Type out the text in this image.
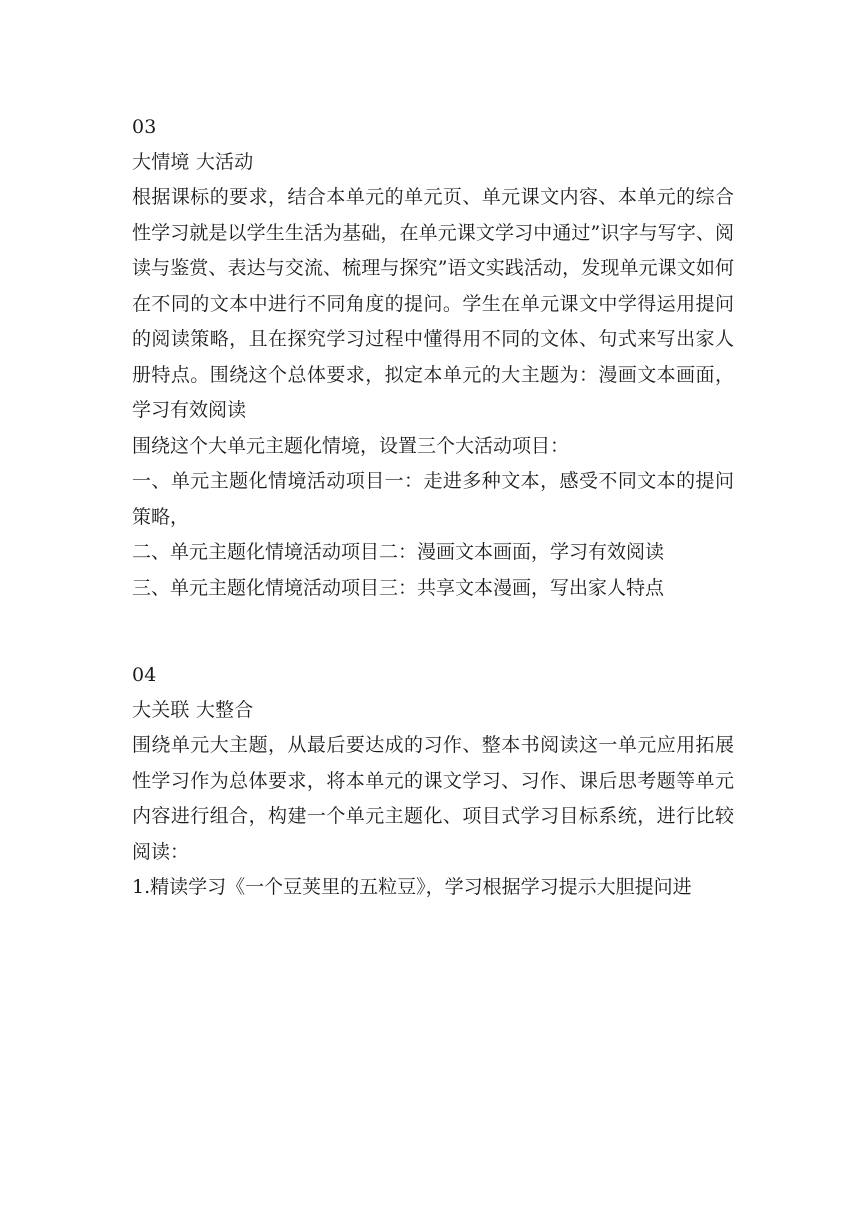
03
大情境 大活动
根据课标的要求，结合本单元的单元页、单元课文内容、本单元的综合性学习就是以学生生活为基础，在单元课文学习中通过”识字与写字、阅读与鉴赏、表达与交流、梳理与探究”语文实践活动，发现单元课文如何在不同的文本中进行不同角度的提问。学生在单元课文中学得运用提问的阅读策略，且在探究学习过程中懂得用不同的文体、句式来写出家人册特点。围绕这个总体要求，拟定本单元的大主题为：漫画文本画面，学习有效阅读
围绕这个大单元主题化情境，设置三个大活动项目：
一、单元主题化情境活动项目一：走进多种文本，感受不同文本的提问策略，
二、单元主题化情境活动项目二：漫画文本画面，学习有效阅读
三、单元主题化情境活动项目三：共享文本漫画，写出家人特点
04
大关联 大整合
围绕单元大主题，从最后要达成的习作、整本书阅读这一单元应用拓展性学习作为总体要求，将本单元的课文学习、习作、课后思考题等单元内容进行组合，构建一个单元主题化、项目式学习目标系统，进行比较阅读：
1.精读学习《一个豆荚里的五粒豆》，学习根据学习提示大胆提问进
